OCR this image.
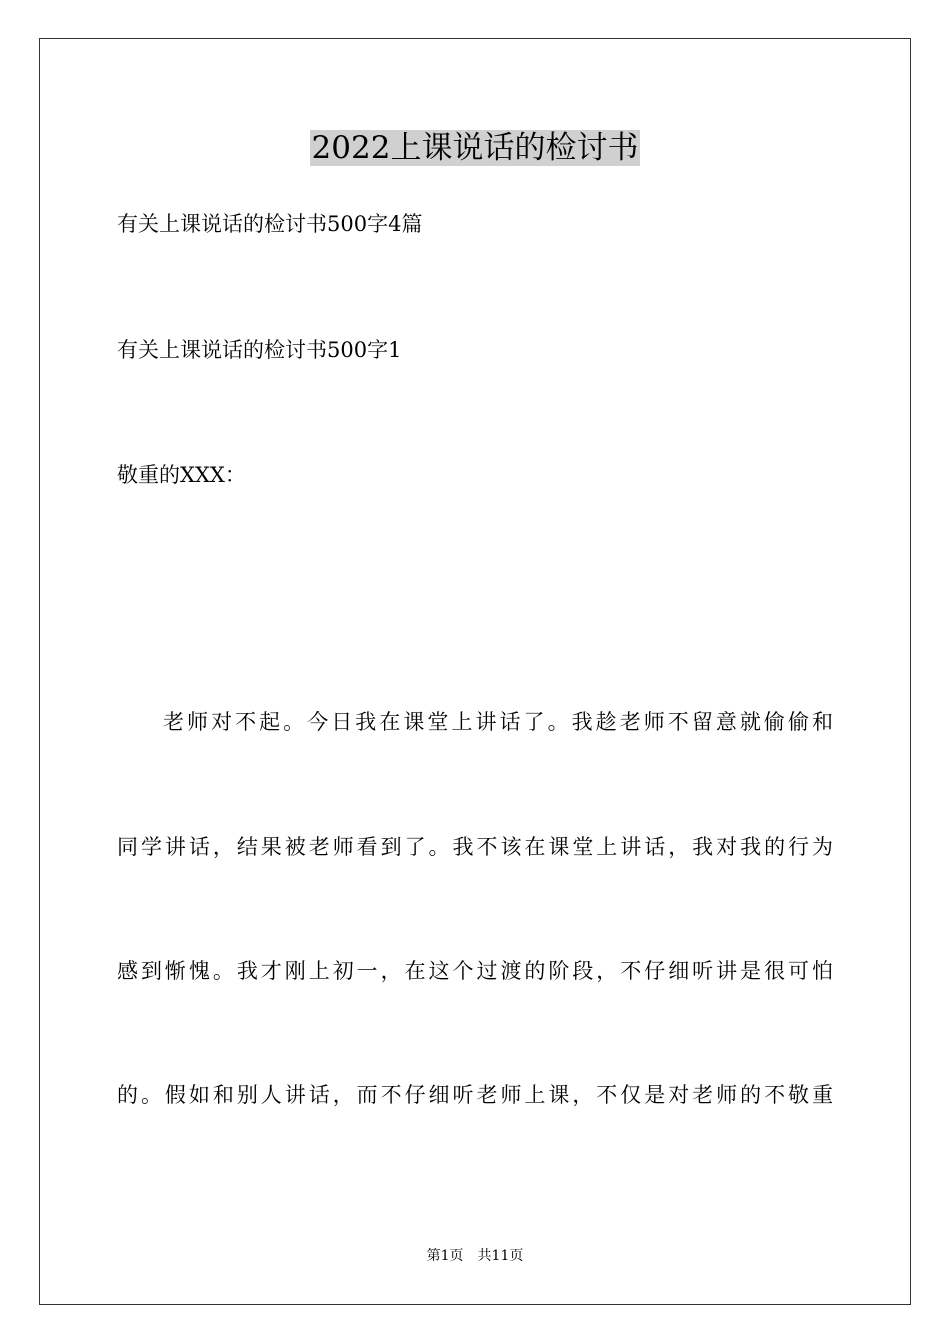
2022上课说话的检讨书

有关上课说话的检讨书500字4篇

有关上课说话的检讨书500字1

敬重的XXX：

老师对不起。今日我在课堂上讲话了。我趁老师不留意就偷偷和

同学讲话，结果被老师看到了。我不该在课堂上讲话，我对我的行为

感到惭愧。我才刚上初一，在这个过渡的阶段，不仔细听讲是很可怕

的。假如和别人讲话，而不仔细听老师上课，不仅是对老师的不敬重

第1页　共11页
